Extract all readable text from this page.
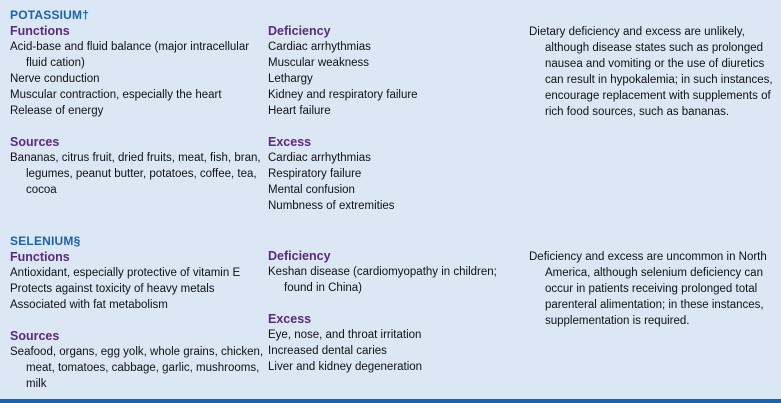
POTASSIUM†
Functions
Acid-base and fluid balance (major intracellular
fluid cation)
Nerve conduction
Muscular contraction, especially the heart
Release of energy
Sources
Bananas, citrus fruit, dried fruits, meat, fish, bran,
legumes, peanut butter, potatoes, coffee, tea,
cocoa
Deficiency
Cardiac arrhythmias
Muscular weakness
Lethargy
Kidney and respiratory failure
Heart failure
Excess
Cardiac arrhythmias
Respiratory failure
Mental confusion
Numbness of extremities
Dietary deficiency and excess are unlikely,
although disease states such as prolonged
nausea and vomiting or the use of diuretics
can result in hypokalemia; in such instances,
encourage replacement with supplements of
rich food sources, such as bananas.
SELENIUM§
Functions
Antioxidant, especially protective of vitamin E
Protects against toxicity of heavy metals
Associated with fat metabolism
Sources
Seafood, organs, egg yolk, whole grains, chicken,
meat, tomatoes, cabbage, garlic, mushrooms,
milk
Deficiency
Keshan disease (cardiomyopathy in children;
found in China)
Excess
Eye, nose, and throat irritation
Increased dental caries
Liver and kidney degeneration
Deficiency and excess are uncommon in North
America, although selenium deficiency can
occur in patients receiving prolonged total
parenteral alimentation; in these instances,
supplementation is required.
